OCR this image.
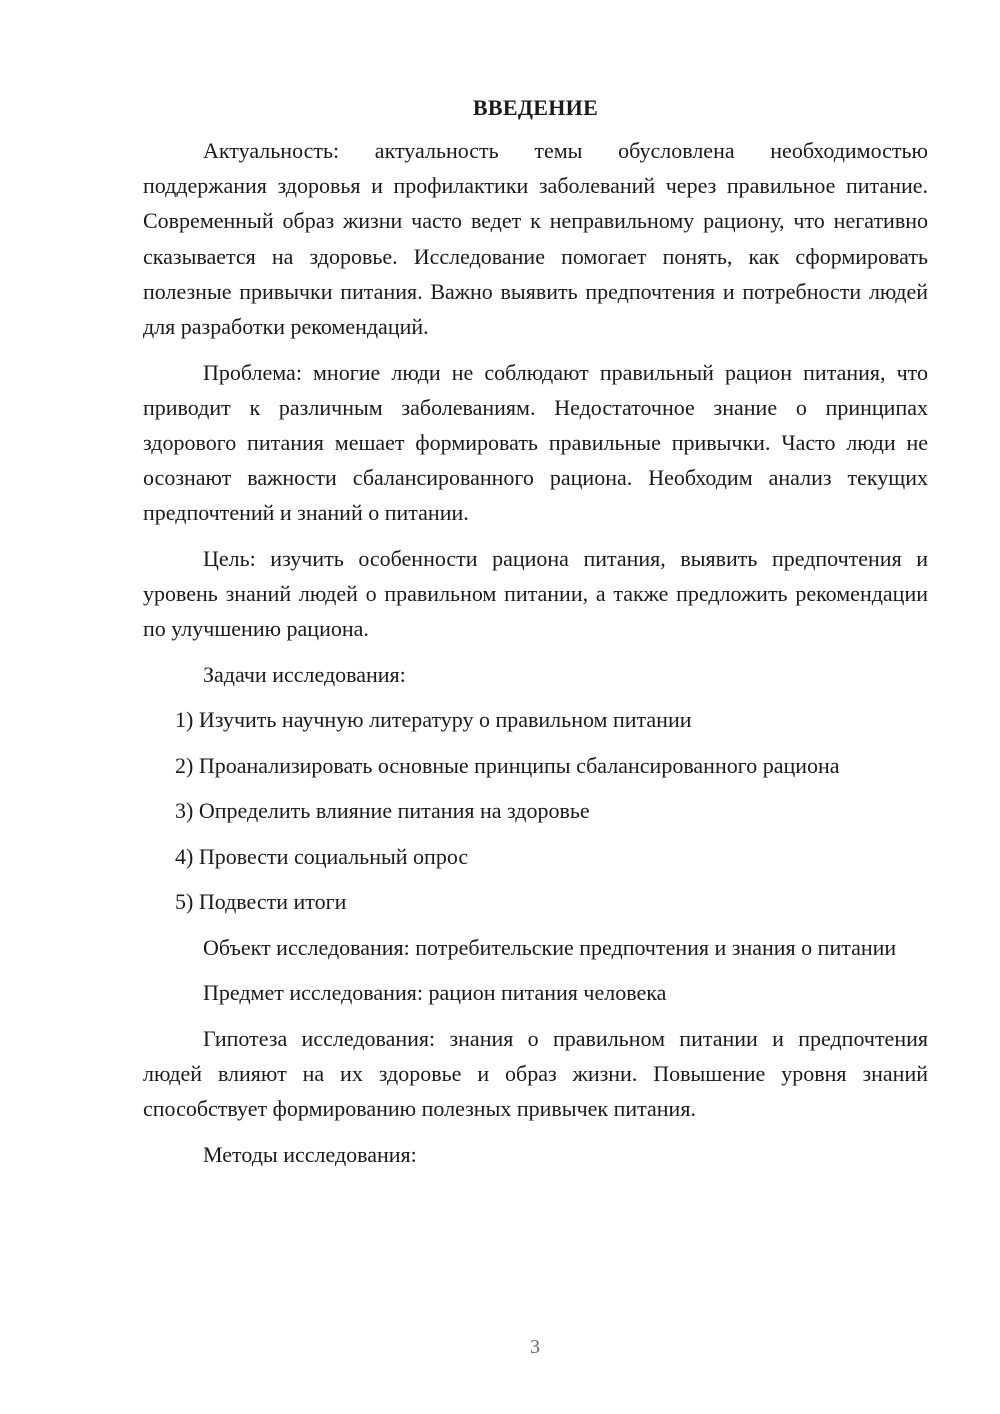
ВВЕДЕНИЕ

Актуальность: актуальность темы обусловлена необходимостью поддержания здоровья и профилактики заболеваний через правильное питание. Современный образ жизни часто ведет к неправильному рациону, что негативно сказывается на здоровье. Исследование помогает понять, как сформировать полезные привычки питания. Важно выявить предпочтения и потребности людей для разработки рекомендаций.

Проблема: многие люди не соблюдают правильный рацион питания, что приводит к различным заболеваниям. Недостаточное знание о принципах здорового питания мешает формировать правильные привычки. Часто люди не осознают важности сбалансированного рациона. Необходим анализ текущих предпочтений и знаний о питании.

Цель: изучить особенности рациона питания, выявить предпочтения и уровень знаний людей о правильном питании, а также предложить рекомендации по улучшению рациона.

Задачи исследования:

1) Изучить научную литературу о правильном питании

2) Проанализировать основные принципы сбалансированного рациона

3) Определить влияние питания на здоровье

4) Провести социальный опрос

5) Подвести итоги

Объект исследования: потребительские предпочтения и знания о питании

Предмет исследования: рацион питания человека

Гипотеза исследования: знания о правильном питании и предпочтения людей влияют на их здоровье и образ жизни. Повышение уровня знаний способствует формированию полезных привычек питания.

Методы исследования:

3
